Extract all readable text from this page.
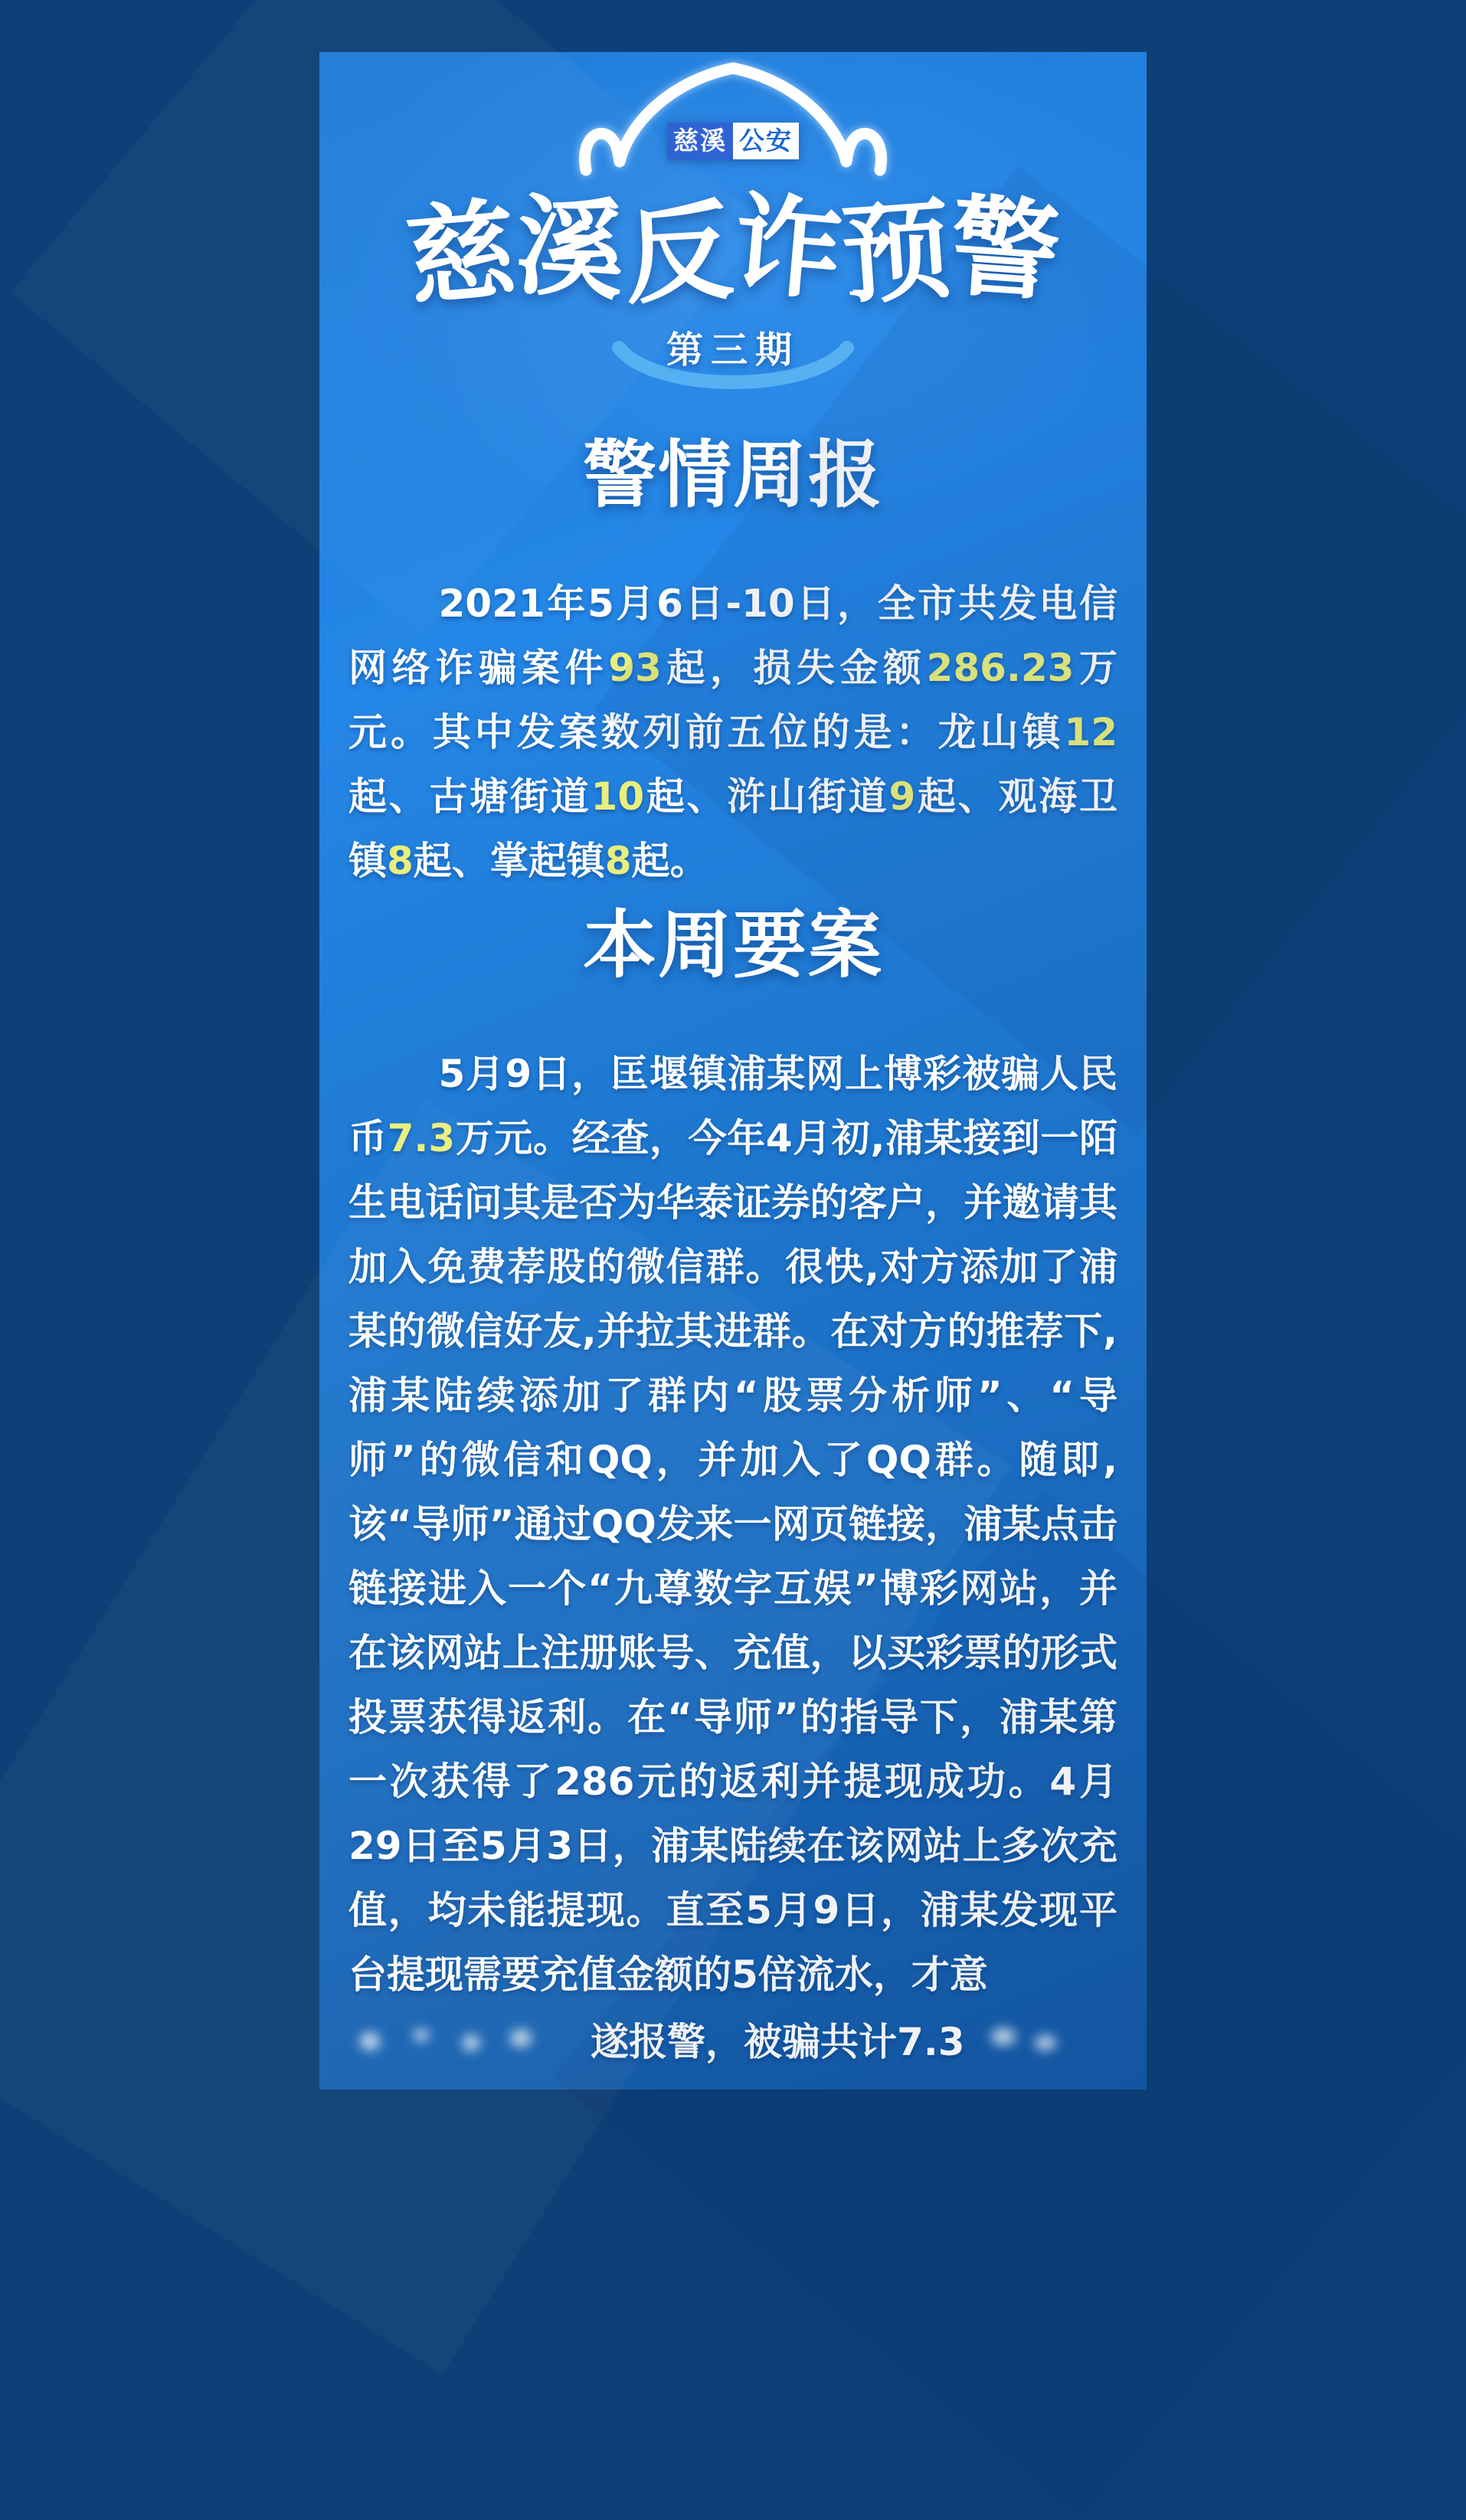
慈溪 公安
慈溪反诈预警
第三期
警情周报

2021年5月6日-10日，全市共发电信网络诈骗案件93起，损失金额286.23万元。其中发案数列前五位的是：龙山镇12起、古塘街道10起、浒山街道9起、观海卫镇8起、掌起镇8起。

本周要案

5月9日，匡堰镇浦某网上博彩被骗人民币7.3万元。经查，今年4月初,浦某接到一陌生电话问其是否为华泰证券的客户，并邀请其加入免费荐股的微信群。很快,对方添加了浦某的微信好友,并拉其进群。在对方的推荐下,浦某陆续添加了群内“股票分析师”、“导师”的微信和QQ，并加入了QQ群。随即,该“导师”通过QQ发来一网页链接，浦某点击链接进入一个“九尊数字互娱”博彩网站，并在该网站上注册账号、充值，以买彩票的形式投票获得返利。在“导师”的指导下，浦某第一次获得了286元的返利并提现成功。4月29日至5月3日，浦某陆续在该网站上多次充值，均未能提现。直至5月9日，浦某发现平台提现需要充值金额的5倍流水，才意

遂报警，被骗共计7.3
